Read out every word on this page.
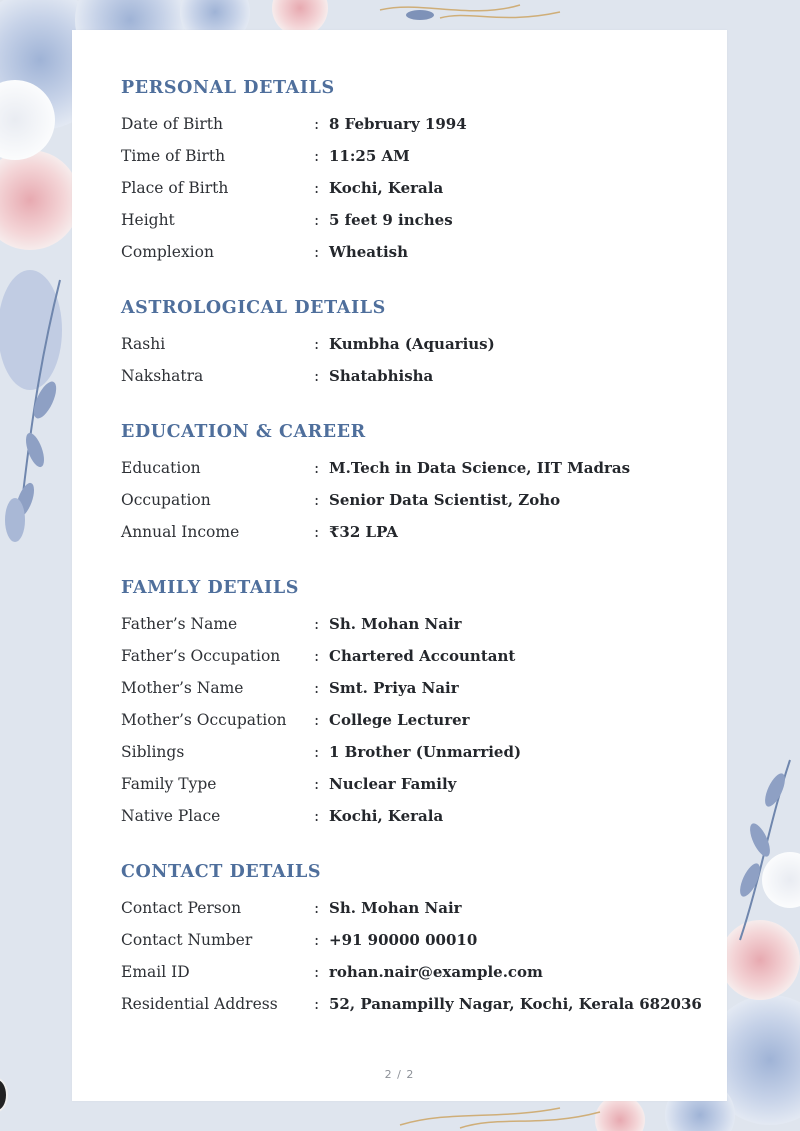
2 / 2
PERSONAL DETAILS
Date of Birth	: 8 February 1994
Time of Birth	: 11:25 AM
Place of Birth	: Kochi, Kerala
Height	: 5 feet 9 inches
Complexion	: Wheatish
ASTROLOGICAL DETAILS
Rashi	: Kumbha (Aquarius)
Nakshatra	: Shatabhisha
EDUCATION & CAREER
Education	: M.Tech in Data Science, IIT Madras
Occupation	: Senior Data Scientist, Zoho
Annual Income	: ₹32 LPA
FAMILY DETAILS
Father’s Name	: Sh. Mohan Nair
Father’s Occupation : Chartered Accountant
Mother’s Name	: Smt. Priya Nair
Mother’s Occupation : College Lecturer
Siblings	: 1 Brother (Unmarried)
Family Type	: Nuclear Family
Native Place	: Kochi, Kerala
CONTACT DETAILS
Contact Person	: Sh. Mohan Nair
Contact Number	: +91 90000 00010
Email ID	: rohan.nair@example.com
Residential Address : 52, Panampilly Nagar, Kochi, Kerala 682036
